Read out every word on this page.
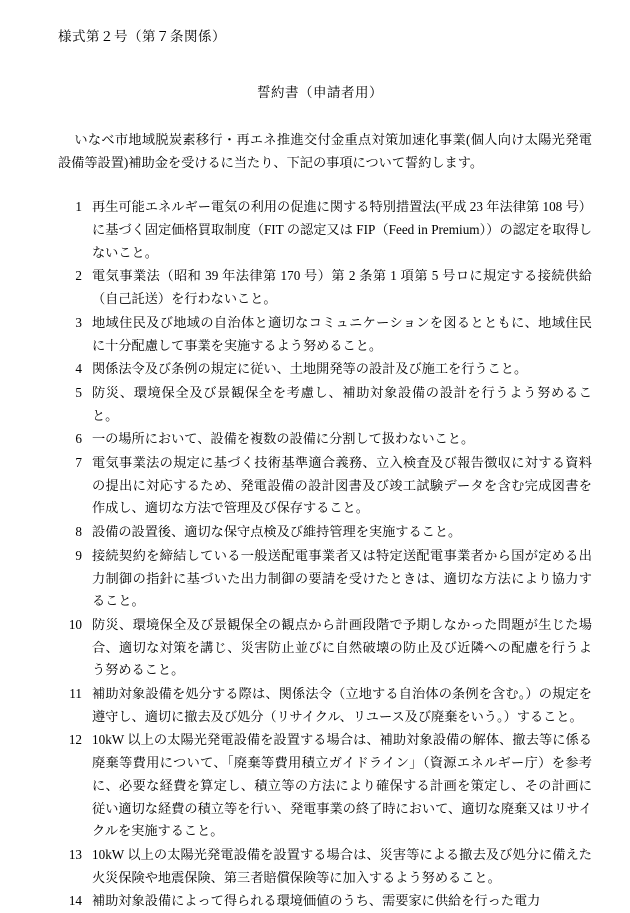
様式第２号（第７条関係）
誓約書（申請者用）

いなべ市地域脱炭素移行・再エネ推進交付金重点対策加速化事業(個人向け太陽光発電設備等設置)補助金を受けるに当たり、下記の事項について誓約します。

1 再生可能エネルギー電気の利用の促進に関する特別措置法(平成 23 年法律第 108 号）に基づく固定価格買取制度（FIT の認定又は FIP（Feed in Premium））の認定を取得しないこと。
2 電気事業法（昭和 39 年法律第 170 号）第 2 条第 1 項第 5 号ロに規定する接続供給（自己託送）を行わないこと。
3 地域住民及び地域の自治体と適切なコミュニケーションを図るとともに、地域住民に十分配慮して事業を実施するよう努めること。
4 関係法令及び条例の規定に従い、土地開発等の設計及び施工を行うこと。
5 防災、環境保全及び景観保全を考慮し、補助対象設備の設計を行うよう努めること。
6 一の場所において、設備を複数の設備に分割して扱わないこと。
7 電気事業法の規定に基づく技術基準適合義務、立入検査及び報告徴収に対する資料の提出に対応するため、発電設備の設計図書及び竣工試験データを含む完成図書を作成し、適切な方法で管理及び保存すること。
8 設備の設置後、適切な保守点検及び維持管理を実施すること。
9 接続契約を締結している一般送配電事業者又は特定送配電事業者から国が定める出力制御の指針に基づいた出力制御の要請を受けたときは、適切な方法により協力すること。
10 防災、環境保全及び景観保全の観点から計画段階で予期しなかった問題が生じた場合、適切な対策を講じ、災害防止並びに自然破壊の防止及び近隣への配慮を行うよう努めること。
11 補助対象設備を処分する際は、関係法令（立地する自治体の条例を含む。）の規定を遵守し、適切に撤去及び処分（リサイクル、リユース及び廃棄をいう。）すること。
12 10kW 以上の太陽光発電設備を設置する場合は、補助対象設備の解体、撤去等に係る廃棄等費用について、「廃棄等費用積立ガイドライン」（資源エネルギー庁）を参考に、必要な経費を算定し、積立等の方法により確保する計画を策定し、その計画に従い適切な経費の積立等を行い、発電事業の終了時において、適切な廃棄又はリサイクルを実施すること。
13 10kW 以上の太陽光発電設備を設置する場合は、災害等による撤去及び処分に備えた火災保険や地震保険、第三者賠償保険等に加入するよう努めること。
14 補助対象設備によって得られる環境価値のうち、需要家に供給を行った電力
